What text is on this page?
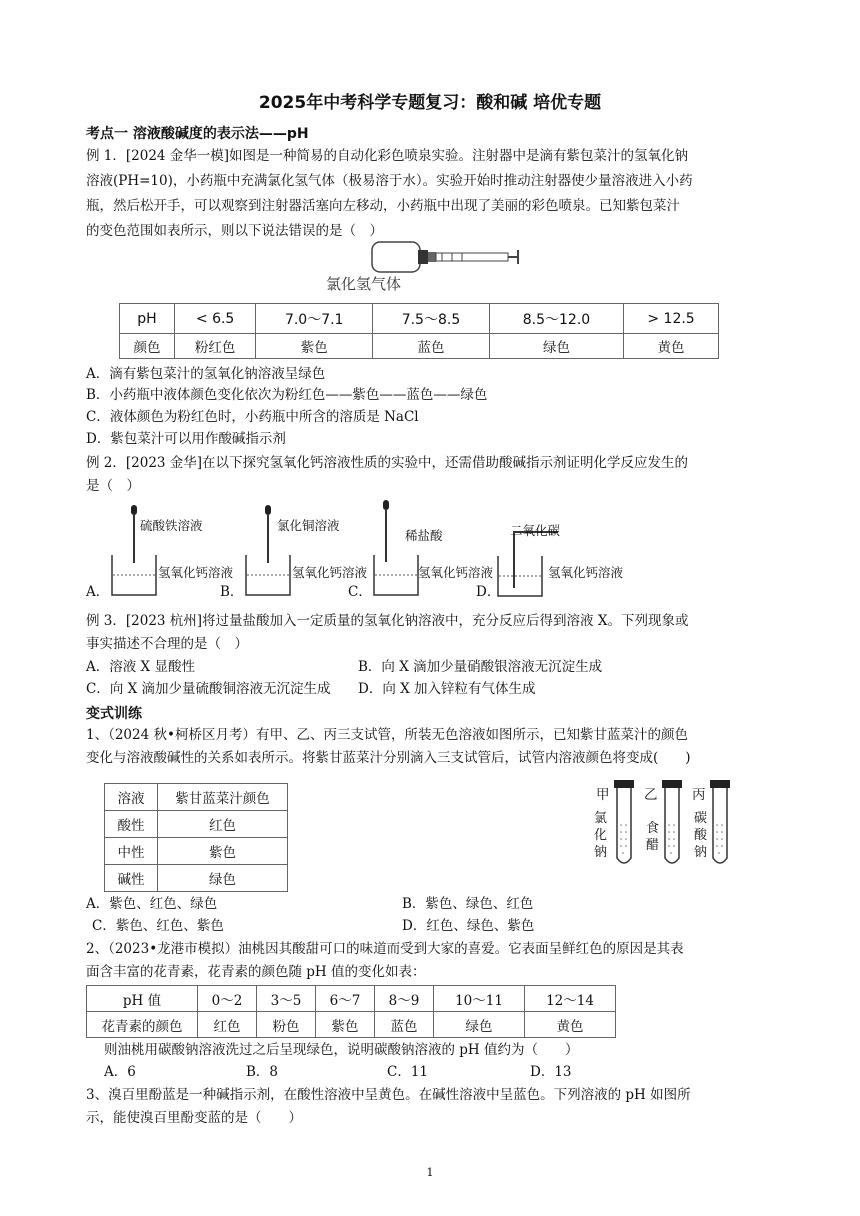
2025年中考科学专题复习：酸和碱 培优专题
考点一 溶液酸碱度的表示法——pH
例 1．[2024 金华一模]如图是一种简易的自动化彩色喷泉实验。注射器中是滴有紫包菜汁的氢氧化钠
溶液(PH=10)，小药瓶中充满氯化氢气体（极易溶于水）。实验开始时推动注射器使少量溶液进入小药
瓶，然后松开手，可以观察到注射器活塞向左移动，小药瓶中出现了美丽的彩色喷泉。已知紫包菜汁
的变色范围如表所示，则以下说法错误的是（　）
氯化氢气体
pH	< 6.5	7.0～7.1	7.5～8.5	8.5～12.0	> 12.5
颜色	粉红色	紫色	蓝色	绿色	黄色
A．滴有紫包菜汁的氢氧化钠溶液呈绿色
B．小药瓶中液体颜色变化依次为粉红色——紫色——蓝色——绿色
C．液体颜色为粉红色时，小药瓶中所含的溶质是 NaCl
D．紫包菜汁可以用作酸碱指示剂
例 2．[2023 金华]在以下探究氢氧化钙溶液性质的实验中，还需借助酸碱指示剂证明化学反应发生的
是（　）
A．
硫酸铁溶液
氢氧化钙溶液
B．
氯化铜溶液
氢氧化钙溶液
C．
稀盐酸
氢氧化钙溶液
D．
二氧化碳
氢氧化钙溶液
例 3．[2023 杭州]将过量盐酸加入一定质量的氢氧化钠溶液中，充分反应后得到溶液 X。下列现象或
事实描述不合理的是（　）
A．溶液 X 显酸性	B．向 X 滴加少量硝酸银溶液无沉淀生成
C．向 X 滴加少量硫酸铜溶液无沉淀生成 D．向 X 加入锌粒有气体生成
变式训练
1、（2024 秋•柯桥区月考）有甲、乙、丙三支试管，所装无色溶液如图所示，已知紫甘蓝菜汁的颜色
变化与溶液酸碱性的关系如表所示。将紫甘蓝菜汁分别滴入三支试管后，试管内溶液颜色将变成(　　)
溶液	紫甘蓝菜汁颜色
酸性	红色
中性	紫色
碱性	绿色
甲	乙	丙
氯
化
钠
食
醋
碳
酸
钠
A．紫色、红色、绿色	B．紫色、绿色、红色
C．紫色、红色、紫色	D．红色、绿色、紫色
2、（2023•龙港市模拟）油桃因其酸甜可口的味道而受到大家的喜爱。它表面呈鲜红色的原因是其表
面含丰富的花青素，花青素的颜色随 pH 值的变化如表：
pH 值	0～2	3～5	6～7	8～9	10～11	12～14
花青素的颜色	红色	粉色	紫色	蓝色	绿色	黄色
则油桃用碳酸钠溶液洗过之后呈现绿色，说明碳酸钠溶液的 pH 值约为（　　）
A．6	B．8	C．11	D．13
3、溴百里酚蓝是一种碱指示剂，在酸性溶液中呈黄色。在碱性溶液中呈蓝色。下列溶液的 pH 如图所
示，能使溴百里酚变蓝的是（　　）
1
